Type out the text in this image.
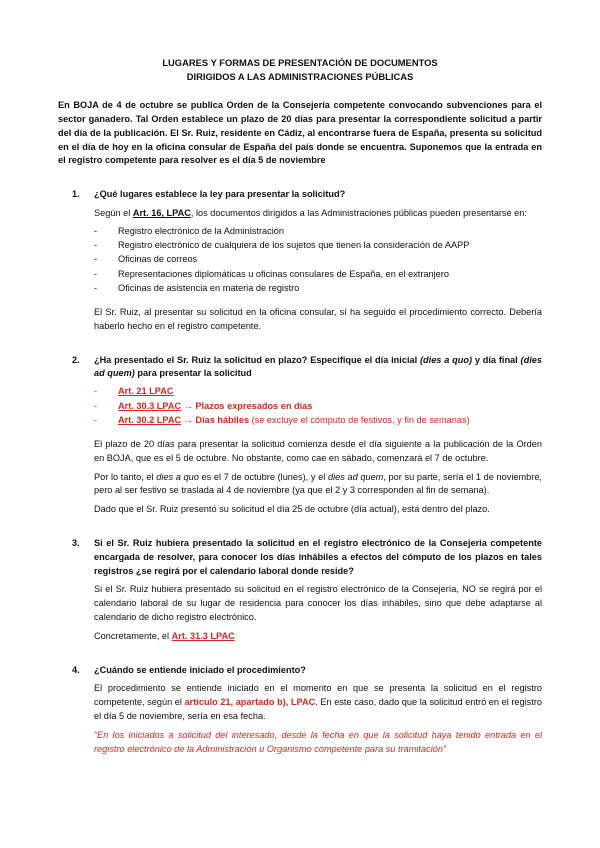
LUGARES Y FORMAS DE PRESENTACIÓN DE DOCUMENTOS
DIRIGIDOS A LAS ADMINISTRACIONES PÚBLICAS
En BOJA de 4 de octubre se publica Orden de la Consejería competente convocando subvenciones para el sector ganadero. Tal Orden establece un plazo de 20 días para presentar la correspondiente solicitud a partir del día de la publicación. El Sr. Ruiz, residente en Cádiz, al encontrarse fuera de España, presenta su solicitud en el día de hoy en la oficina consular de España del país donde se encuentra. Suponemos que la entrada en el registro competente para resolver es el día 5 de noviembre
1.	¿Qué lugares establece la ley para presentar la solicitud?

Según el Art. 16, LPAC, los documentos dirigidos a las Administraciones públicas pueden presentarse en:

- Registro electrónico de la Administración
- Registro electrónico de cualquiera de los sujetos que tienen la consideración de AAPP
- Oficinas de correos
- Representaciones diplomáticas u oficinas consulares de España, en el extranjero
- Oficinas de asistencia en materia de registro

El Sr. Ruiz, al presentar su solicitud en la oficina consular, sí ha seguido el procedimiento correcto. Debería haberlo hecho en el registro competente.

2.	¿Ha presentado el Sr. Ruiz la solicitud en plazo? Especifique el día inicial (dies a quo) y día final (dies ad quem) para presentar la solicitud
- Art. 21 LPAC
- Art. 30.3 LPAC → Plazos expresados en días
- Art. 30.2 LPAC → Días hábiles (se excluye el cómputo de festivos, y fin de semanas)

El plazo de 20 días para presentar la solicitud comienza desde el día siguiente a la publicación de la Orden en BOJA, que es el 5 de octubre. No obstante, como cae en sábado, comenzará el 7 de octubre.

Por lo tanto, el dies a quo es el 7 de octubre (lunes), y el dies ad quem, por su parte, sería el 1 de noviembre, pero al ser festivo se traslada al 4 de noviembre (ya que el 2 y 3 corresponden al fin de semana).

Dado que el Sr. Ruiz presentó su solicitud el día 25 de octubre (día actual), está dentro del plazo.

3.	Si el Sr. Ruiz hubiera presentado la solicitud en el registro electrónico de la Consejería competente encargada de resolver, para conocer los días inhábiles a efectos del cómputo de los plazos en tales registros ¿se regirá por el calendario laboral donde reside?

Si el Sr. Ruiz hubiera presentado su solicitud en el registro electrónico de la Consejería, NO se regirá por el calendario laboral de su lugar de residencia para conocer los días inhábiles, sino que debe adaptarse al calendario de dicho registro electrónico.

Concretamente, el Art. 31.3 LPAC

4.	¿Cuándo se entiende iniciado el procedimiento?

El procedimiento se entiende iniciado en el momento en que se presenta la solicitud en el registro competente, según el artículo 21, apartado b), LPAC. En este caso, dado que la solicitud entró en el registro el día 5 de noviembre, sería en esa fecha.

“En los iniciados a solicitud del interesado, desde la fecha en que la solicitud haya tenido entrada en el registro electrónico de la Administración u Organismo competente para su tramitación”
